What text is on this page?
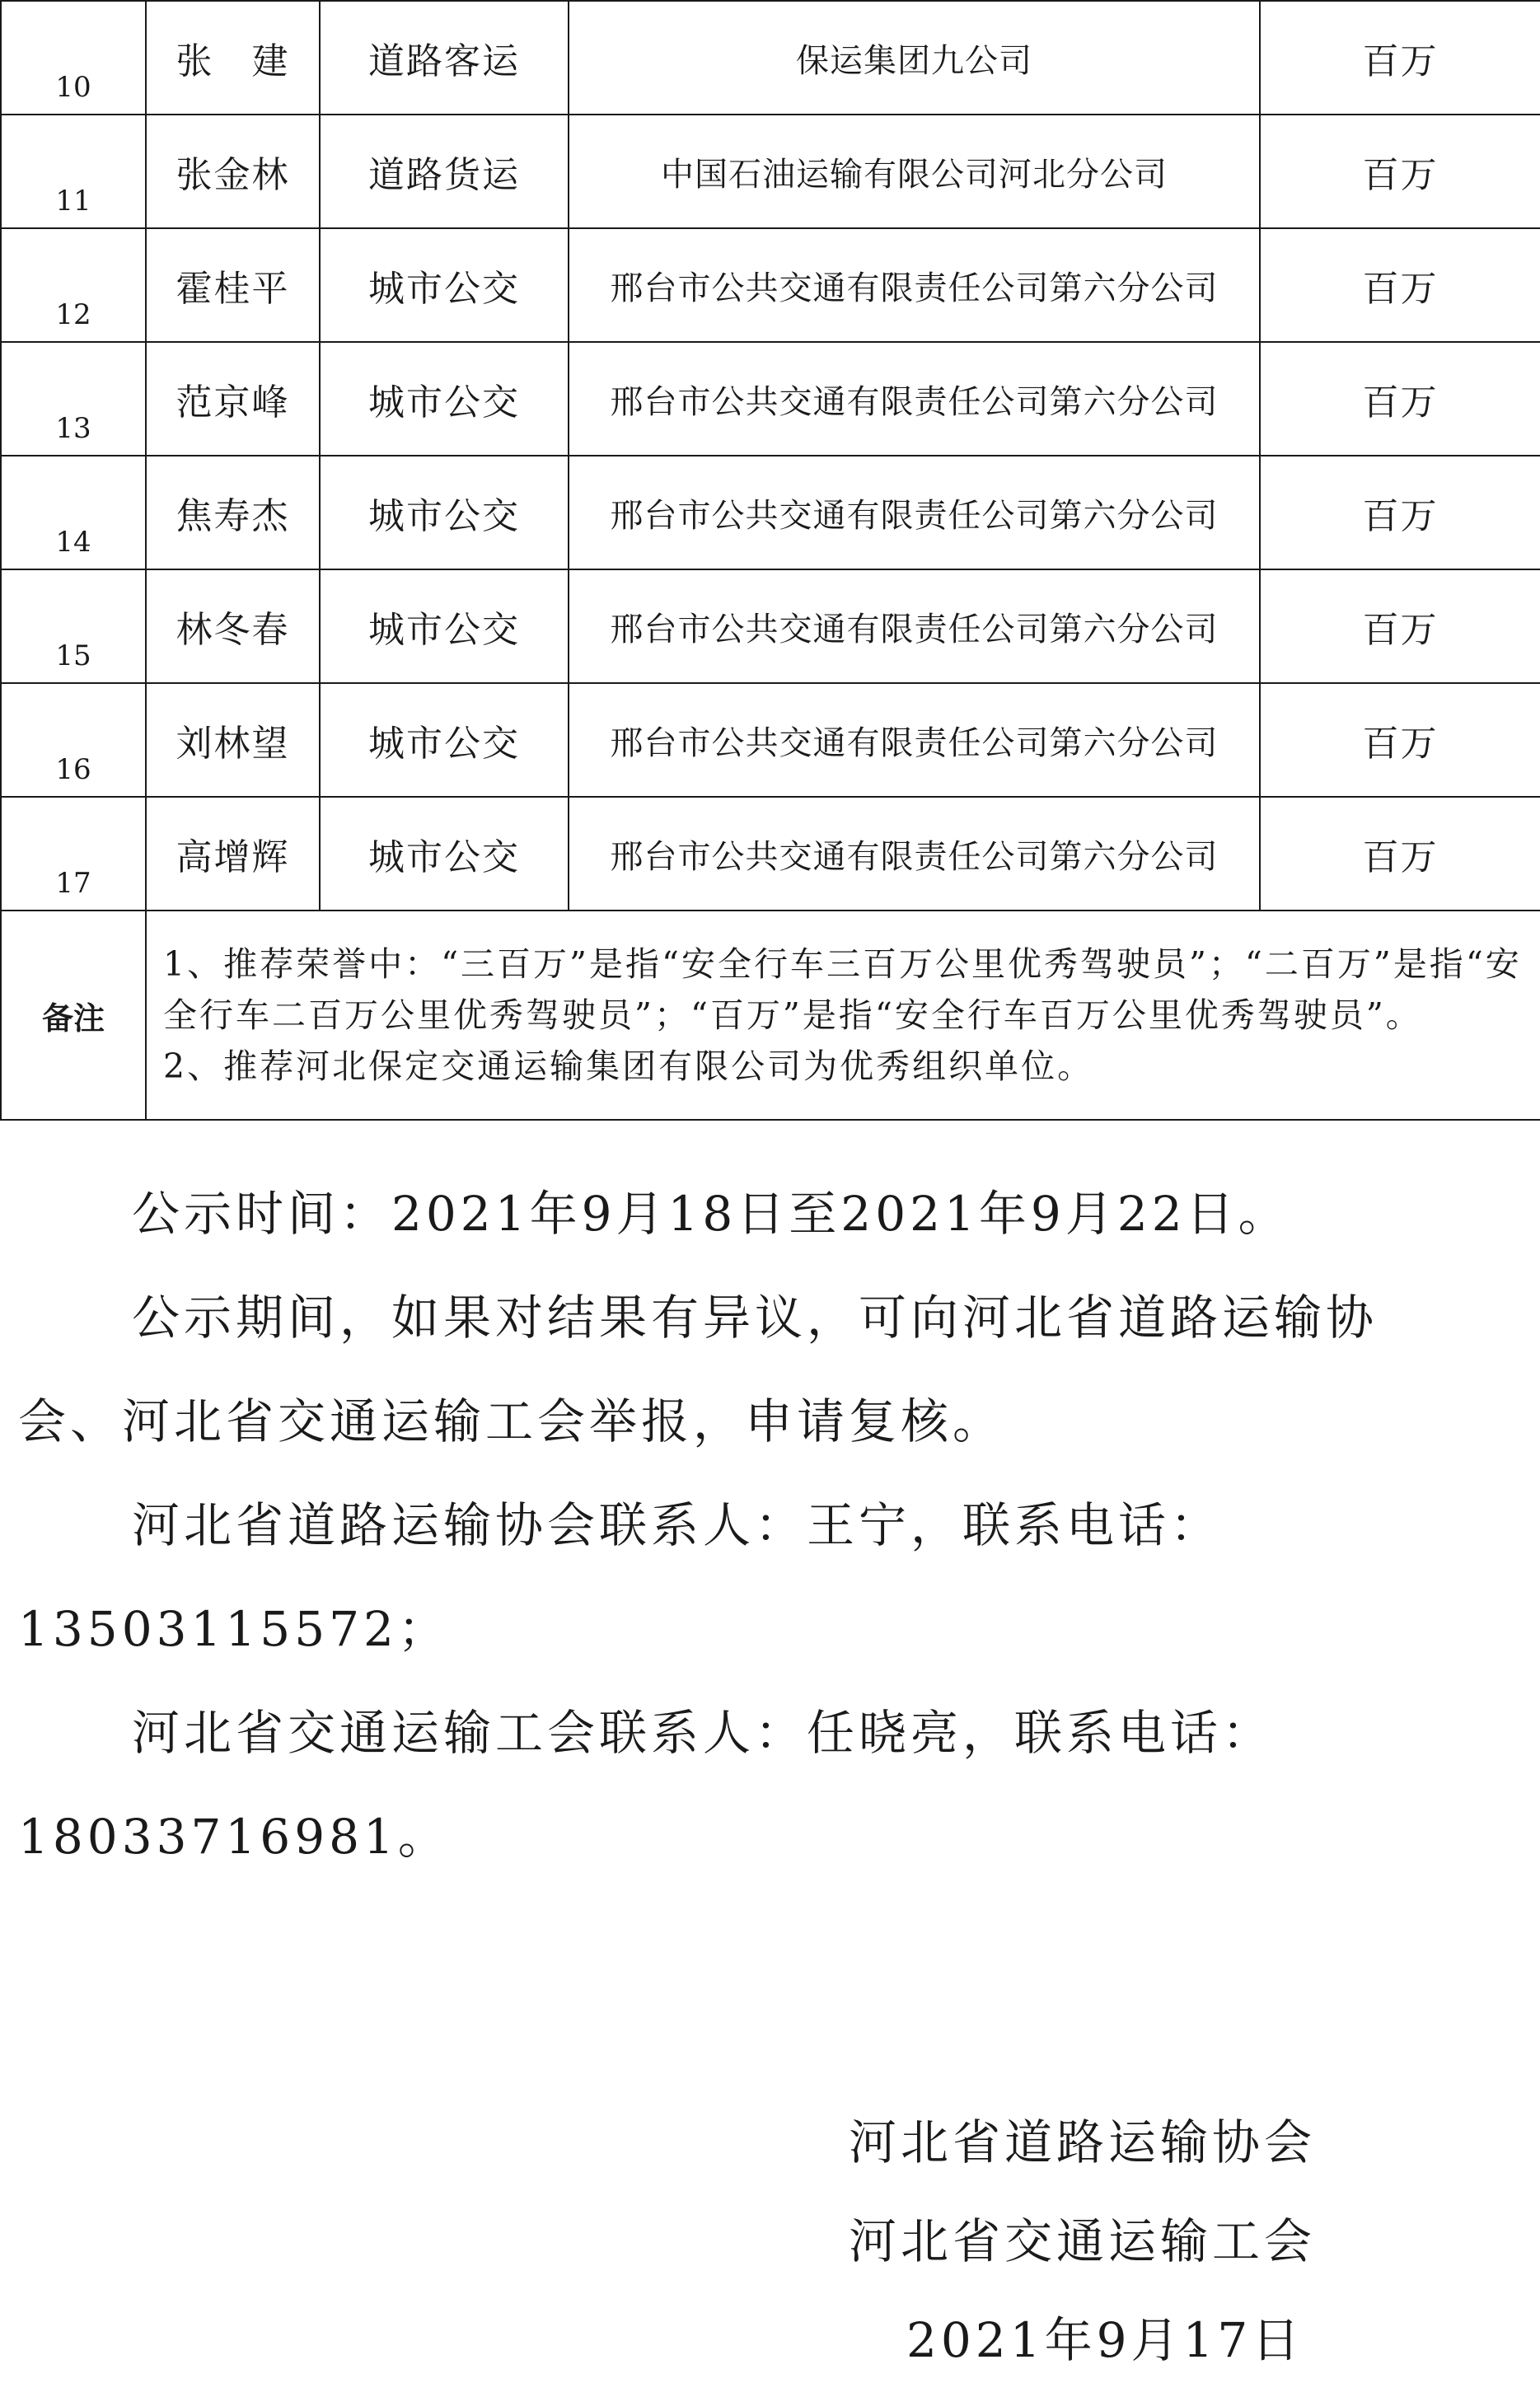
10	张　建	道路客运	保运集团九公司	百万
11	张金林	道路货运	中国石油运输有限公司河北分公司	百万
12	霍桂平	城市公交	邢台市公共交通有限责任公司第六分公司	百万
13	范京峰	城市公交	邢台市公共交通有限责任公司第六分公司	百万
14	焦寿杰	城市公交	邢台市公共交通有限责任公司第六分公司	百万
15	林冬春	城市公交	邢台市公共交通有限责任公司第六分公司	百万
16	刘林望	城市公交	邢台市公共交通有限责任公司第六分公司	百万
17	高增辉	城市公交	邢台市公共交通有限责任公司第六分公司	百万
备注	1、推荐荣誉中：“三百万”是指“安全行车三百万公里优秀驾驶员”；“二百万”是指“安全行车二百万公里优秀驾驶员”；“百万”是指“安全行车百万公里优秀驾驶员”。

2、推荐河北保定交通运输集团有限公司为优秀组织单位。			

公示时间：2021年9月18日至2021年9月22日。

公示期间，如果对结果有异议，可向河北省道路运输协会、河北省交通运输工会举报，申请复核。

河北省道路运输协会联系人：王宁，联系电话：13503115572；

河北省交通运输工会联系人：任晓亮，联系电话：18033716981。

河北省道路运输协会

河北省交通运输工会

2021年9月17日
